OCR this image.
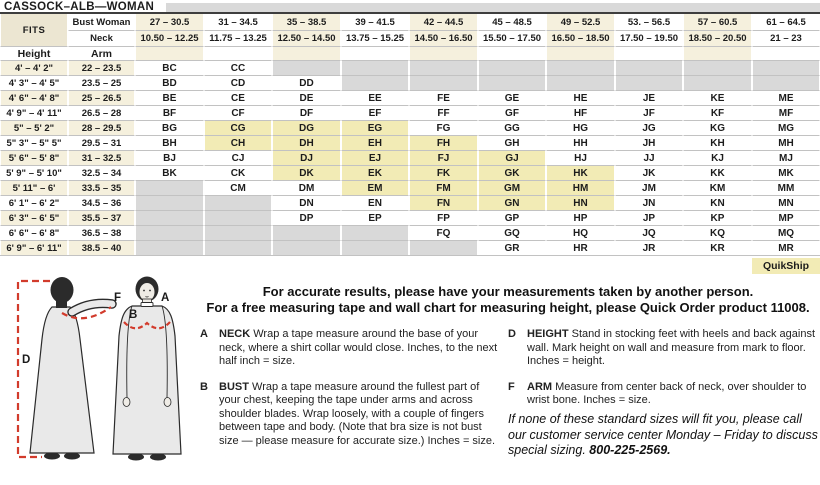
CASSOCK–ALB—WOMAN
FITS	Bust Woman	27 – 30.5	31 – 34.5	35 – 38.5	39 – 41.5	42 – 44.5	45 – 48.5	49 – 52.5	53. – 56.5	57 – 60.5	61 – 64.5
	Neck	10.50 – 12.25	11.75 – 13.25	12.50 – 14.50	13.75 – 15.25	14.50 – 16.50	15.50 – 17.50	16.50 – 18.50	17.50 – 19.50	18.50 – 20.50	21 – 23
Height	Arm										
4' – 4' 2"	22 – 23.5	BC	CC								
4' 3" – 4' 5"	23.5 – 25	BD	CD	DD							
4' 6" – 4' 8"	25 – 26.5	BE	CE	DE	EE	FE	GE	HE	JE	KE	ME
4' 9" – 4' 11"	26.5 – 28	BF	CF	DF	EF	FF	GF	HF	JF	KF	MF
5" – 5' 2"	28 – 29.5	BG	CG	DG	EG	FG	GG	HG	JG	KG	MG
5" 3" – 5" 5"	29.5 – 31	BH	CH	DH	EH	FH	GH	HH	JH	KH	MH
5' 6" – 5' 8"	31 – 32.5	BJ	CJ	DJ	EJ	FJ	GJ	HJ	JJ	KJ	MJ
5' 9" – 5' 10"	32.5 – 34	BK	CK	DK	EK	FK	GK	HK	JK	KK	MK
5' 11" – 6'	33.5 – 35		CM	DM	EM	FM	GM	HM	JM	KM	MM
6' 1" – 6' 2"	34.5 – 36			DN	EN	FN	GN	HN	JN	KN	MN
6' 3" – 6' 5"	35.5 – 37			DP	EP	FP	GP	HP	JP	KP	MP
6' 6" – 6' 8"	36.5 – 38					FQ	GQ	HQ	JQ	KQ	MQ
6' 9" – 6' 11"	38.5 – 40						GR	HR	JR	KR	MR
QuikShip
D
F	A
B
For accurate results, please have your measurements taken by another person.
For a free measuring tape and wall chart for measuring height, please Quick Order product 11008.

A NECK Wrap a tape measure around the base of your neck, where a shirt collar would close. Inches, to the next half inch = size.

B BUST Wrap a tape measure around the fullest part of your chest, keeping the tape under arms and across shoulder blades. Wrap loosely, with a couple of fingers between tape and body. (Note that bra size is not bust size — please measure for accurate size.) Inches = size.

D HEIGHT Stand in stocking feet with heels and back against wall. Mark height on wall and measure from mark to floor. Inches = height.

F ARM Measure from center back of neck, over shoulder to wrist bone. Inches = size.

If none of these standard sizes will fit you, please call our customer service center Monday – Friday to discuss special sizing. 800-225-2569.
